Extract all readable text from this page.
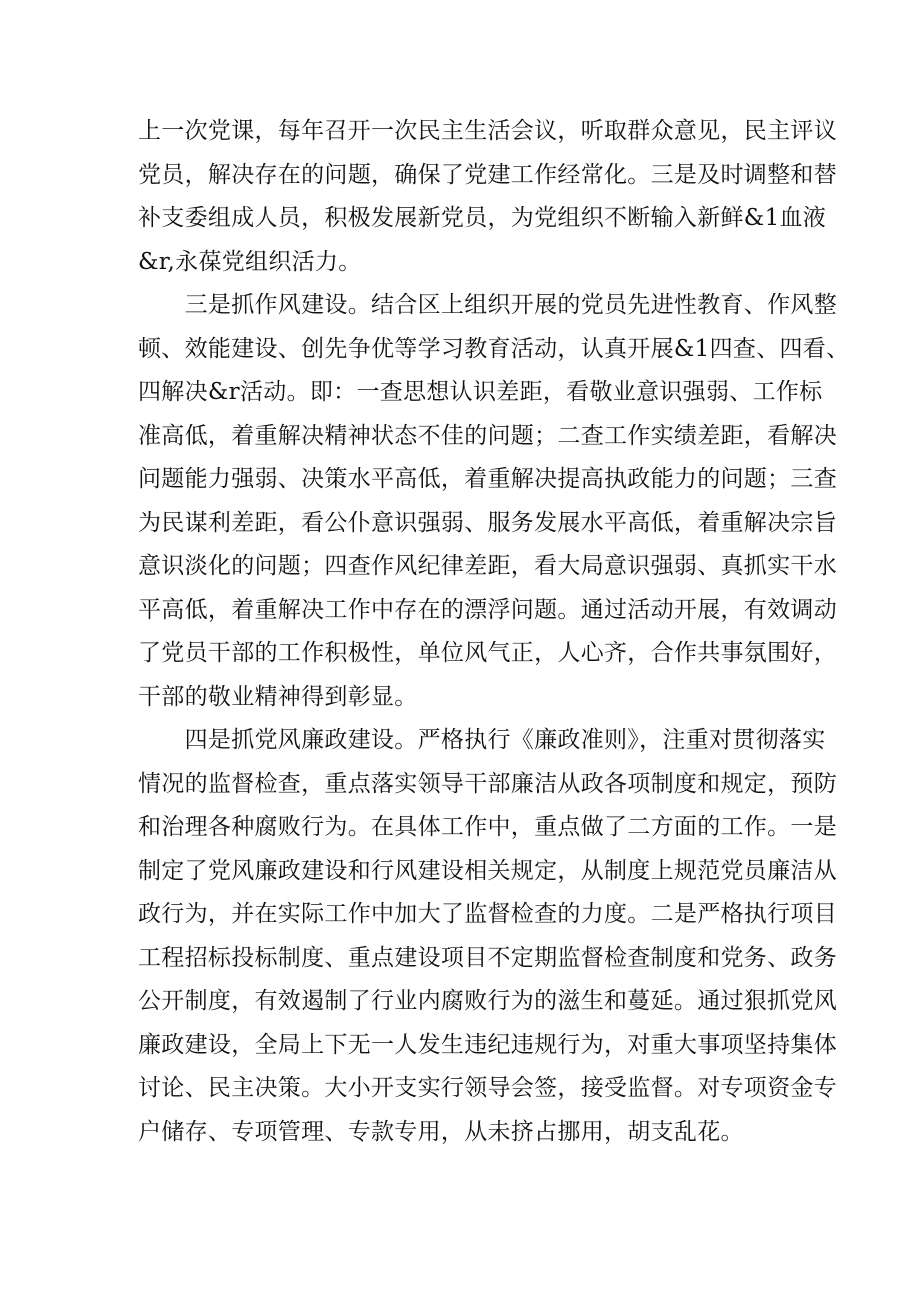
上一次党课，每年召开一次民主生活会议，听取群众意见，民主评议
党员，解决存在的问题，确保了党建工作经常化。三是及时调整和替
补支委组成人员，积极发展新党员，为党组织不断输入新鲜&1血液
&r,永葆党组织活力。
　　三是抓作风建设。结合区上组织开展的党员先进性教育、作风整
顿、效能建设、创先争优等学习教育活动，认真开展&1四查、四看、
四解决&r活动。即：一查思想认识差距，看敬业意识强弱、工作标
准高低，着重解决精神状态不佳的问题；二查工作实绩差距，看解决
问题能力强弱、决策水平高低，着重解决提高执政能力的问题；三查
为民谋利差距，看公仆意识强弱、服务发展水平高低，着重解决宗旨
意识淡化的问题；四查作风纪律差距，看大局意识强弱、真抓实干水
平高低，着重解决工作中存在的漂浮问题。通过活动开展，有效调动
了党员干部的工作积极性，单位风气正，人心齐，合作共事氛围好，
干部的敬业精神得到彰显。
　　四是抓党风廉政建设。严格执行《廉政准则》，注重对贯彻落实
情况的监督检查，重点落实领导干部廉洁从政各项制度和规定，预防
和治理各种腐败行为。在具体工作中，重点做了二方面的工作。一是
制定了党风廉政建设和行风建设相关规定，从制度上规范党员廉洁从
政行为，并在实际工作中加大了监督检查的力度。二是严格执行项目
工程招标投标制度、重点建设项目不定期监督检查制度和党务、政务
公开制度，有效遏制了行业内腐败行为的滋生和蔓延。通过狠抓党风
廉政建设，全局上下无一人发生违纪违规行为，对重大事项坚持集体
讨论、民主决策。大小开支实行领导会签，接受监督。对专项资金专
户储存、专项管理、专款专用，从未挤占挪用，胡支乱花。
